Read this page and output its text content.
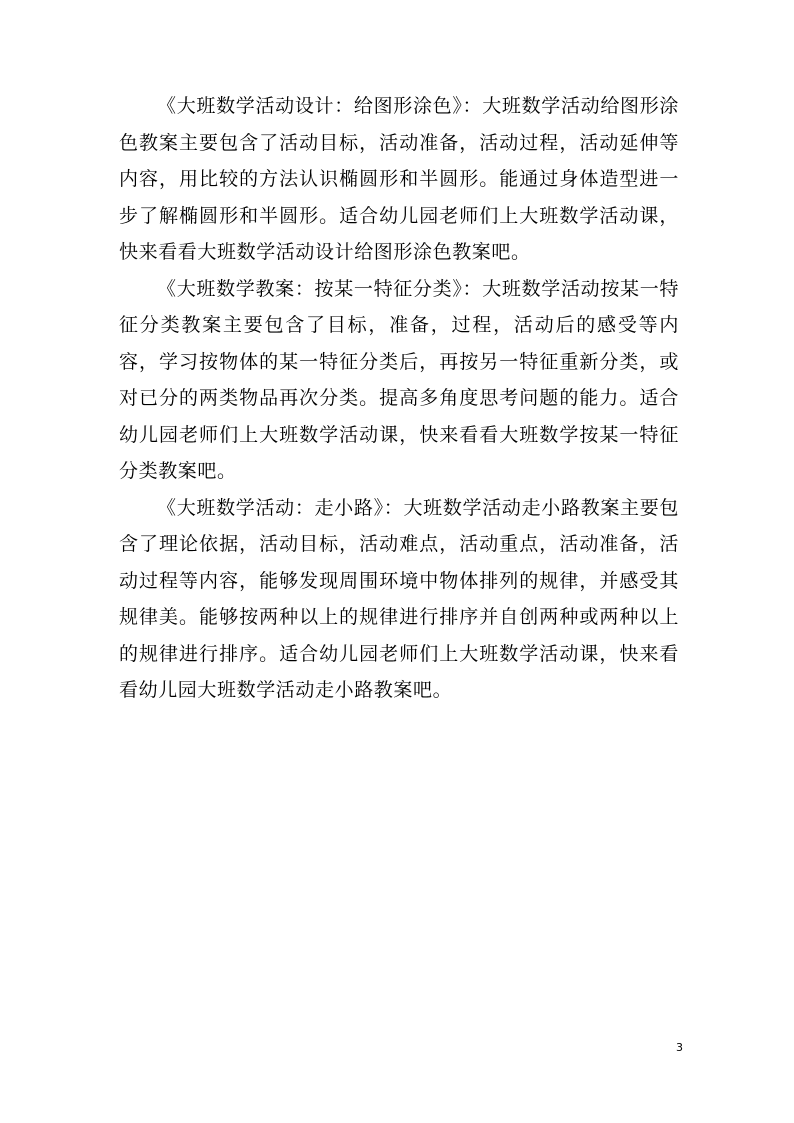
《大班数学活动设计：给图形涂色》：大班数学活动给图形涂色教案主要包含了活动目标，活动准备，活动过程，活动延伸等内容，用比较的方法认识椭圆形和半圆形。能通过身体造型进一步了解椭圆形和半圆形。适合幼儿园老师们上大班数学活动课，快来看看大班数学活动设计给图形涂色教案吧。

《大班数学教案：按某一特征分类》：大班数学活动按某一特征分类教案主要包含了目标，准备，过程，活动后的感受等内容，学习按物体的某一特征分类后，再按另一特征重新分类，或对已分的两类物品再次分类。提高多角度思考问题的能力。适合幼儿园老师们上大班数学活动课，快来看看大班数学按某一特征分类教案吧。

《大班数学活动：走小路》：大班数学活动走小路教案主要包含了理论依据，活动目标，活动难点，活动重点，活动准备，活动过程等内容，能够发现周围环境中物体排列的规律，并感受其规律美。能够按两种以上的规律进行排序并自创两种或两种以上的规律进行排序。适合幼儿园老师们上大班数学活动课，快来看看幼儿园大班数学活动走小路教案吧。

3
